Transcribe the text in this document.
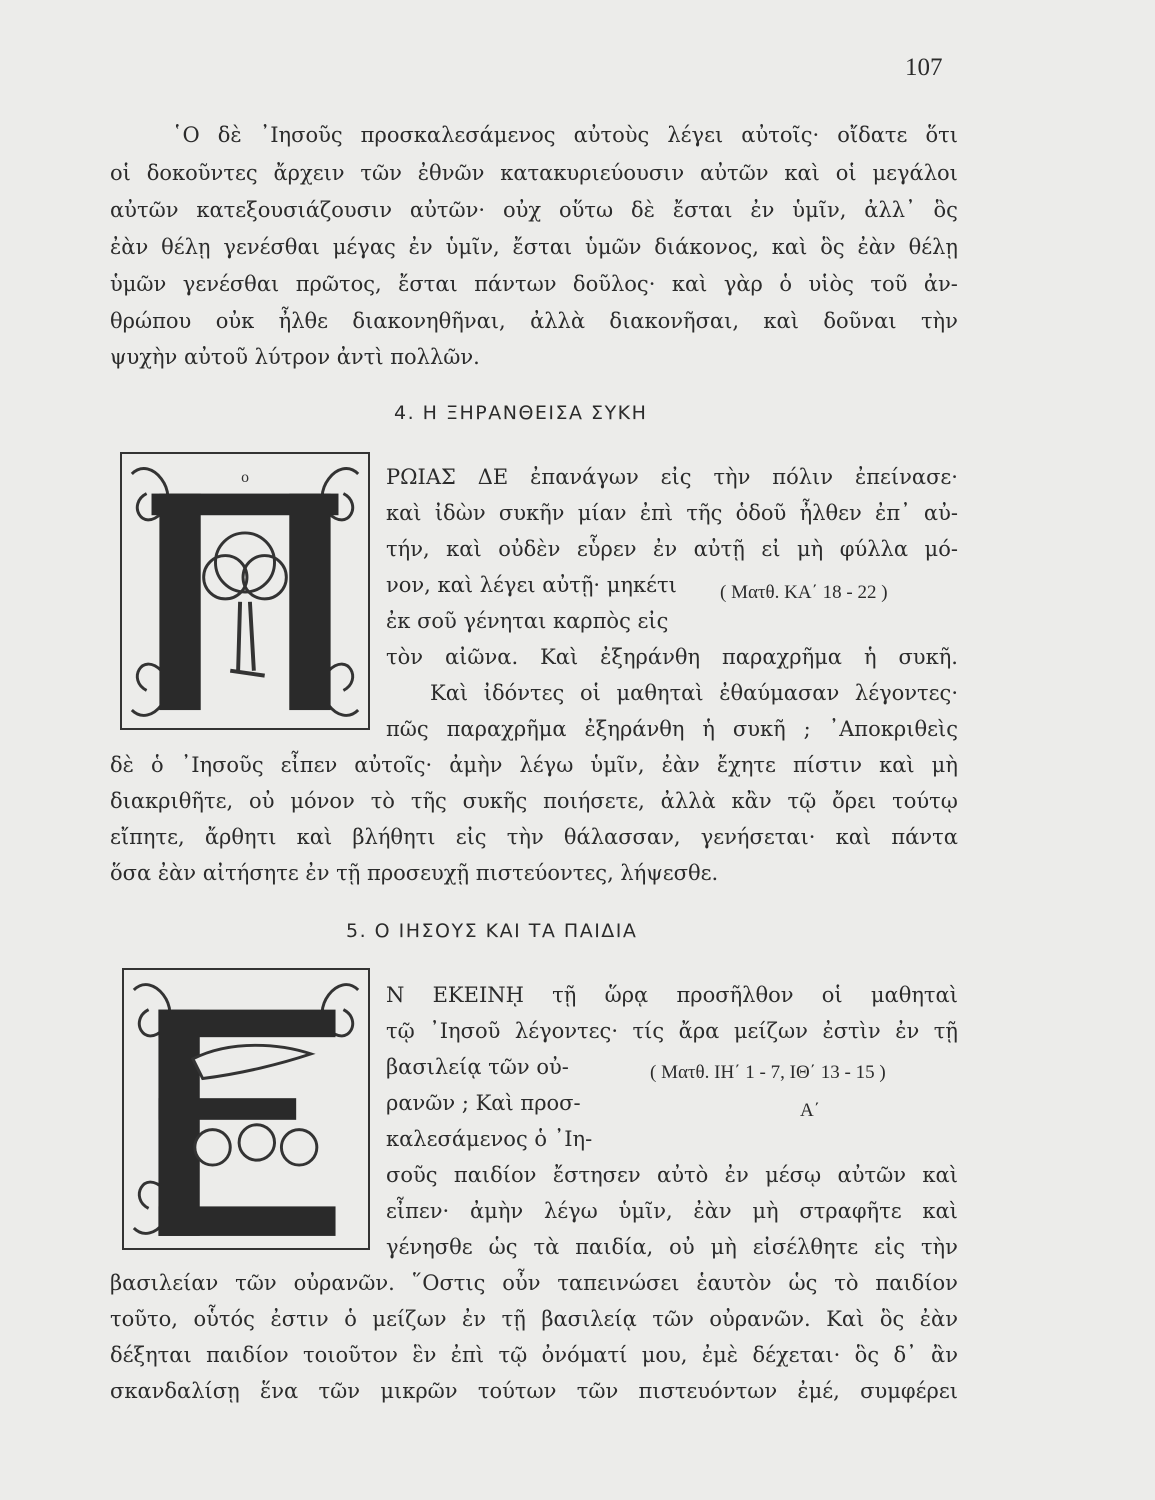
107
῾Ο δὲ ᾿Ιησοῦς προσκαλεσάμενος αὐτοὺς λέγει αὐτοῖς· οἴδατε ὅτι
οἱ δοκοῦντες ἄρχειν τῶν ἐθνῶν κατακυριεύουσιν αὐτῶν καὶ οἱ μεγάλοι
αὐτῶν κατεξουσιάζουσιν αὐτῶν· οὐχ οὕτω δὲ ἔσται ἐν ὑμῖν, ἀλλ᾿ ὃς
ἐὰν θέλῃ γενέσθαι μέγας ἐν ὑμῖν, ἔσται ὑμῶν διάκονος, καὶ ὃς ἐὰν θέλῃ
ὑμῶν γενέσθαι πρῶτος, ἔσται πάντων δοῦλος· καὶ γὰρ ὁ υἱὸς τοῦ ἀν-
θρώπου οὐκ ἦλθε διακονηθῆναι, ἀλλὰ διακονῆσαι, καὶ δοῦναι τὴν
ψυχὴν αὐτοῦ λύτρον ἀντὶ πολλῶν.
4. Η ΞΗΡΑΝΘΕΙΣΑ ΣΥΚΗ
o
( Ματθ. ΚΑ΄ 18 - 22 )
ΡΩΙΑΣ ΔΕ ἐπανάγων εἰς τὴν πόλιν ἐπείνασε·
καὶ ἰδὼν συκῆν μίαν ἐπὶ τῆς ὁδοῦ ἦλθεν ἐπ᾿ αὐ-
τήν, καὶ οὐδὲν εὗρεν ἐν αὐτῇ εἰ μὴ φύλλα μό-
νον, καὶ λέγει αὐτῇ· μηκέτι
ἐκ σοῦ γένηται καρπὸς εἰς
τὸν αἰῶνα. Καὶ ἐξηράνθη παραχρῆμα ἡ συκῆ.
Καὶ ἰδόντες οἱ μαθηταὶ ἐθαύμασαν λέγοντες·
πῶς παραχρῆμα ἐξηράνθη ἡ συκῆ ; ᾿Αποκριθεὶς
δὲ ὁ ᾿Ιησοῦς εἶπεν αὐτοῖς· ἀμὴν λέγω ὑμῖν, ἐὰν ἔχητε πίστιν καὶ μὴ
διακριθῆτε, οὐ μόνον τὸ τῆς συκῆς ποιήσετε, ἀλλὰ κἂν τῷ ὄρει τούτῳ
εἴπητε, ἄρθητι καὶ βλήθητι εἰς τὴν θάλασσαν, γενήσεται· καὶ πάντα
ὅσα ἐὰν αἰτήσητε ἐν τῇ προσευχῇ πιστεύοντες, λήψεσθε.
5. Ο ΙΗΣΟΥΣ ΚΑΙ ΤΑ ΠΑΙΔΙΑ
( Ματθ. ΙΗ΄ 1 - 7, ΙΘ΄ 13 - 15 )
Α΄
Ν ΕΚΕΙΝῌ τῇ ὥρᾳ προσῆλθον οἱ μαθηταὶ
τῷ ᾿Ιησοῦ λέγοντες· τίς ἄρα μείζων ἐστὶν ἐν τῇ
βασιλείᾳ τῶν οὐ-
ρανῶν ; Καὶ προσ-
καλεσάμενος ὁ ᾿Ιη-
σοῦς παιδίον ἔστησεν αὐτὸ ἐν μέσῳ αὐτῶν καὶ
εἶπεν· ἀμὴν λέγω ὑμῖν, ἐὰν μὴ στραφῆτε καὶ
γένησθε ὡς τὰ παιδία, οὐ μὴ εἰσέλθητε εἰς τὴν
βασιλείαν τῶν οὐρανῶν. ῞Οστις οὖν ταπεινώσει ἑαυτὸν ὡς τὸ παιδίον
τοῦτο, οὗτός ἐστιν ὁ μείζων ἐν τῇ βασιλείᾳ τῶν οὐρανῶν. Καὶ ὃς ἐὰν
δέξηται παιδίον τοιοῦτον ἓν ἐπὶ τῷ ὀνόματί μου, ἐμὲ δέχεται· ὃς δ᾿ ἂν
σκανδαλίσῃ ἕνα τῶν μικρῶν τούτων τῶν πιστευόντων ἐμέ, συμφέρει
